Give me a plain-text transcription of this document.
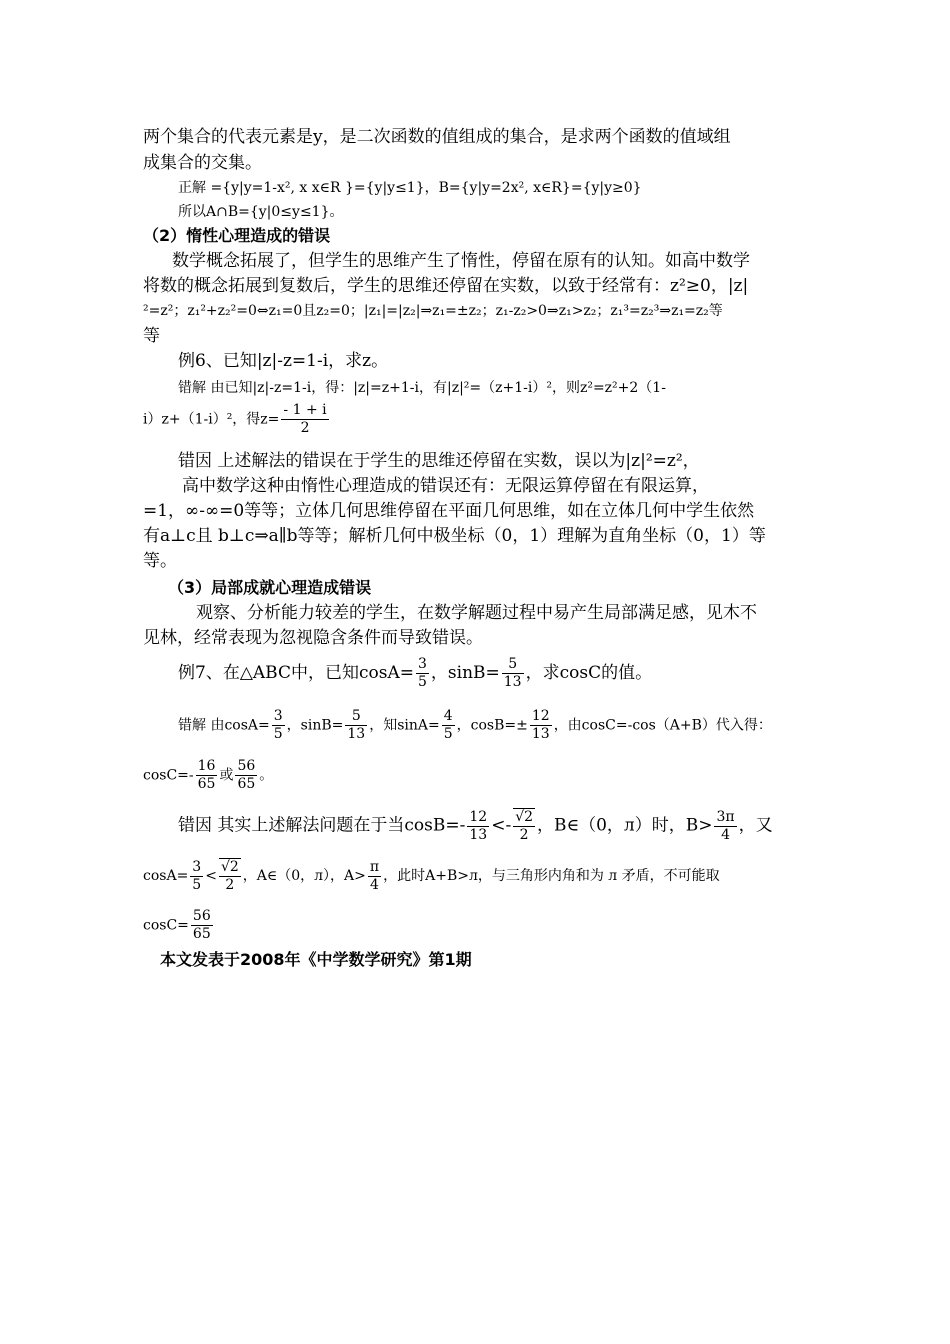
两个集合的代表元素是y，是二次函数的值组成的集合，是求两个函数的值域组
成集合的交集。
正解 ={y|y=1-x², x x∈R }={y|y≤1}，B={y|y=2x², x∈R}={y|y≥0}
所以A∩B={y|0≤y≤1}。
（2）惰性心理造成的错误
数学概念拓展了，但学生的思维产生了惰性，停留在原有的认知。如高中数学
将数的概念拓展到复数后，学生的思维还停留在实数，以致于经常有：z²≥0，|z|
²=z²；z₁²+z₂²=0⇔z₁=0且z₂=0；|z₁|=|z₂|⇒z₁=±z₂；z₁-z₂>0⇒z₁>z₂；z₁³=z₂³⇒z₁=z₂等
等
例6、已知|z|-z=1-i，求z。
错解 由已知|z|-z=1-i，得：|z|=z+1-i，有|z|²=（z+1-i）²，则z²=z²+2（1-
i）z+（1-i）²，得$z= \frac{- 1 + i}{2}$
错因 上述解法的错误在于学生的思维还停留在实数，误以为|z|²=z²，
高中数学这种由惰性心理造成的错误还有：无限运算停留在有限运算，
=1，∞-∞=0等等；立体几何思维停留在平面几何思维，如在立体几何中学生依然
有a⊥c且 b⊥c⇒a∥b等等；解析几何中极坐标（0，1）理解为直角坐标（0，1）等
等。
（3）局部成就心理造成错误
观察、分析能力较差的学生，在数学解题过程中易产生局部满足感，见木不
见林，经常表现为忽视隐含条件而导致错误。
例7、在△ABC中，已知$\cos A= \frac{3}{5}$ ，$\sin B= \frac{5}{13}$ ，求cosC的值。
错解 由$\cos A= \frac{3}{5}$ ，$\sin B= \frac{5}{13}$ ，知$\sin A= \frac{4}{5}$ ，$\cos B=\pm \frac{12}{13}$ ，由cosC=-cos（A+B）代入得：
$\cos C=- \frac{16}{65}$ 或 $\frac{56}{65}$ 。
错因 其实上述解法问题在于当$\cos B=- \frac{12}{13} <- \frac{√2}{2}$ ，B∈（0，л）时，$B> \frac{3\pi}{4}$ ，又
$\cos A= \frac{3}{5} < \frac{√2}{2}$ ，A∈（0，л），$A> \frac{\pi}{4}$ ，此时A+B>л，与三角形内角和为 л 矛盾，不可能取
$\cos C= \frac{56}{65}$
本文发表于2008年《中学数学研究》第1期
